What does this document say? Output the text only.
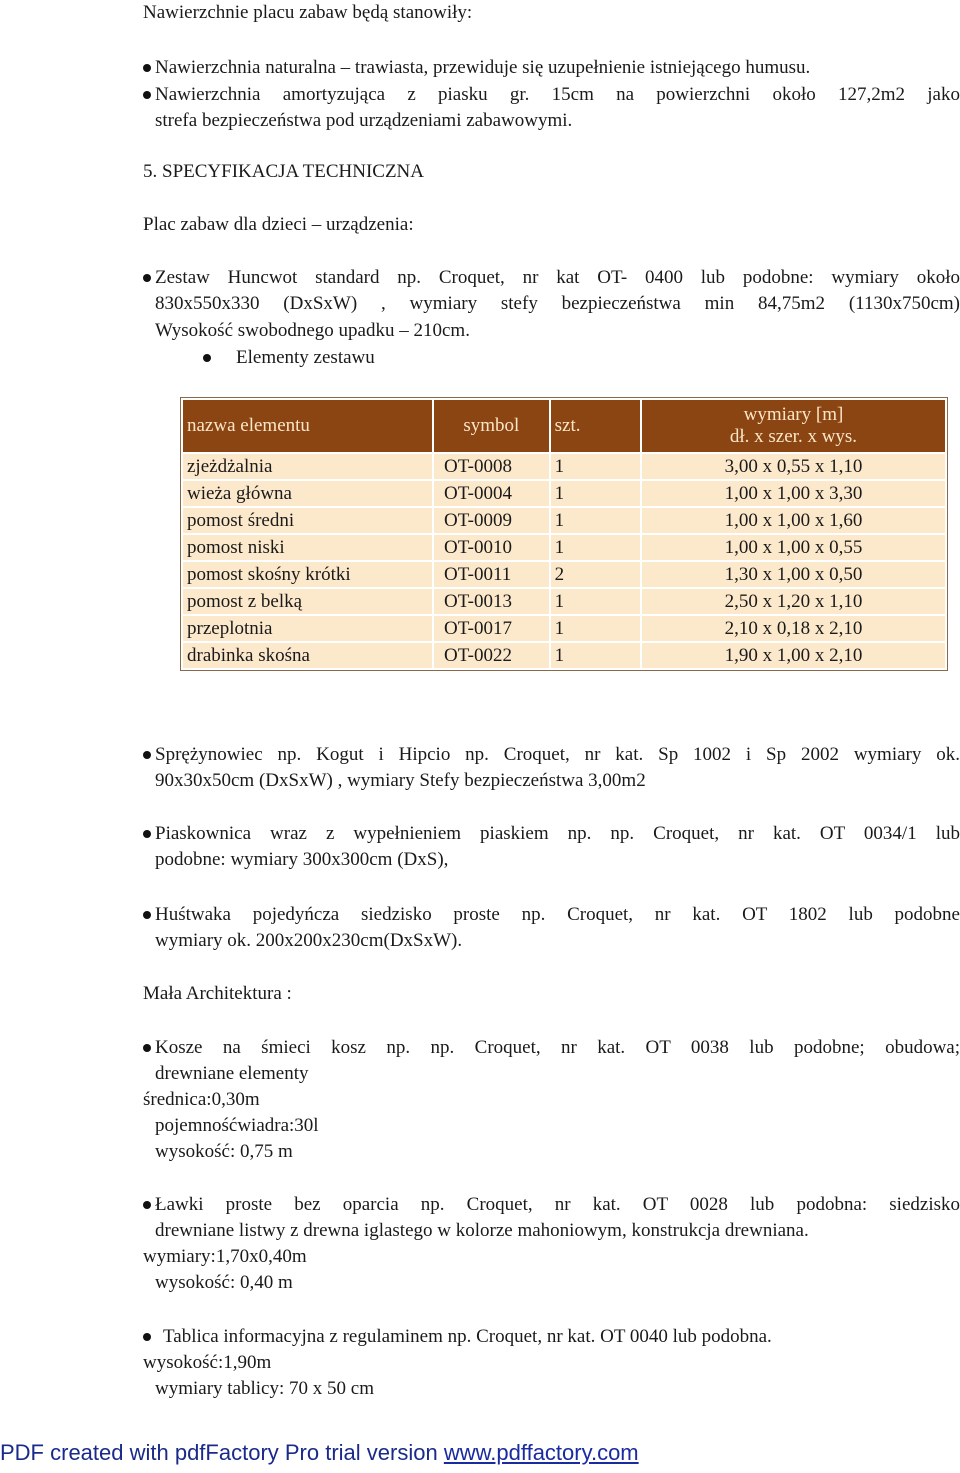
Nawierzchnie placu zabaw będą stanowiły:
Nawierzchnia naturalna – trawiasta, przewiduje się uzupełnienie istniejącego humusu.
Nawierzchnia amortyzująca z piasku gr. 15cm na powierzchni około 127,2m2 jako
strefa bezpieczeństwa pod urządzeniami zabawowymi.
5. SPECYFIKACJA TECHNICZNA
Plac zabaw dla dzieci – urządzenia:
Zestaw Huncwot standard np. Croquet, nr kat OT- 0400 lub podobne: wymiary około
830x550x330 (DxSxW) , wymiary stefy bezpieczeństwa min 84,75m2 (1130x750cm)
Wysokość swobodnego upadku – 210cm.
Elementy zestawu
nazwa elementu	symbol	szt.	wymiary [m]
dł. x szer. x wys.

zjeżdżalnia	OT-0008	1	3,00 x 0,55 x 1,10
wieża główna	OT-0004	1	1,00 x 1,00 x 3,30
pomost średni	OT-0009	1	1,00 x 1,00 x 1,60
pomost niski	OT-0010	1	1,00 x 1,00 x 0,55
pomost skośny krótki	OT-0011	2	1,30 x 1,00 x 0,50
pomost z belką	OT-0013	1	2,50 x 1,20 x 1,10
przeplotnia	OT-0017	1	2,10 x 0,18 x 2,10
drabinka skośna	OT-0022	1	1,90 x 1,00 x 2,10
Sprężynowiec np. Kogut i Hipcio np. Croquet, nr kat. Sp 1002 i Sp 2002 wymiary ok.
90x30x50cm (DxSxW) , wymiary Stefy bezpieczeństwa 3,00m2
Piaskownica wraz z wypełnieniem piaskiem np. np. Croquet, nr kat. OT 0034/1 lub
podobne: wymiary 300x300cm (DxS),
Huśtwaka pojedyńcza siedzisko proste np. Croquet, nr kat. OT 1802 lub podobne
wymiary ok. 200x200x230cm(DxSxW).
Mała Architektura :
Kosze na śmieci kosz np. np. Croquet, nr kat. OT 0038 lub podobne; obudowa;
drewniane elementy
średnica:0,30m
pojemnośćwiadra:30l
wysokość: 0,75 m
Ławki proste bez oparcia np. Croquet, nr kat. OT 0028 lub podobna: siedzisko
drewniane listwy z drewna iglastego w kolorze mahoniowym, konstrukcja drewniana.
wymiary:1,70x0,40m
wysokość: 0,40 m
Tablica informacyjna z regulaminem np. Croquet, nr kat. OT 0040 lub podobna.
wysokość:1,90m
wymiary tablicy: 70 x 50 cm
PDF created with pdfFactory Pro trial version www.pdffactory.com
